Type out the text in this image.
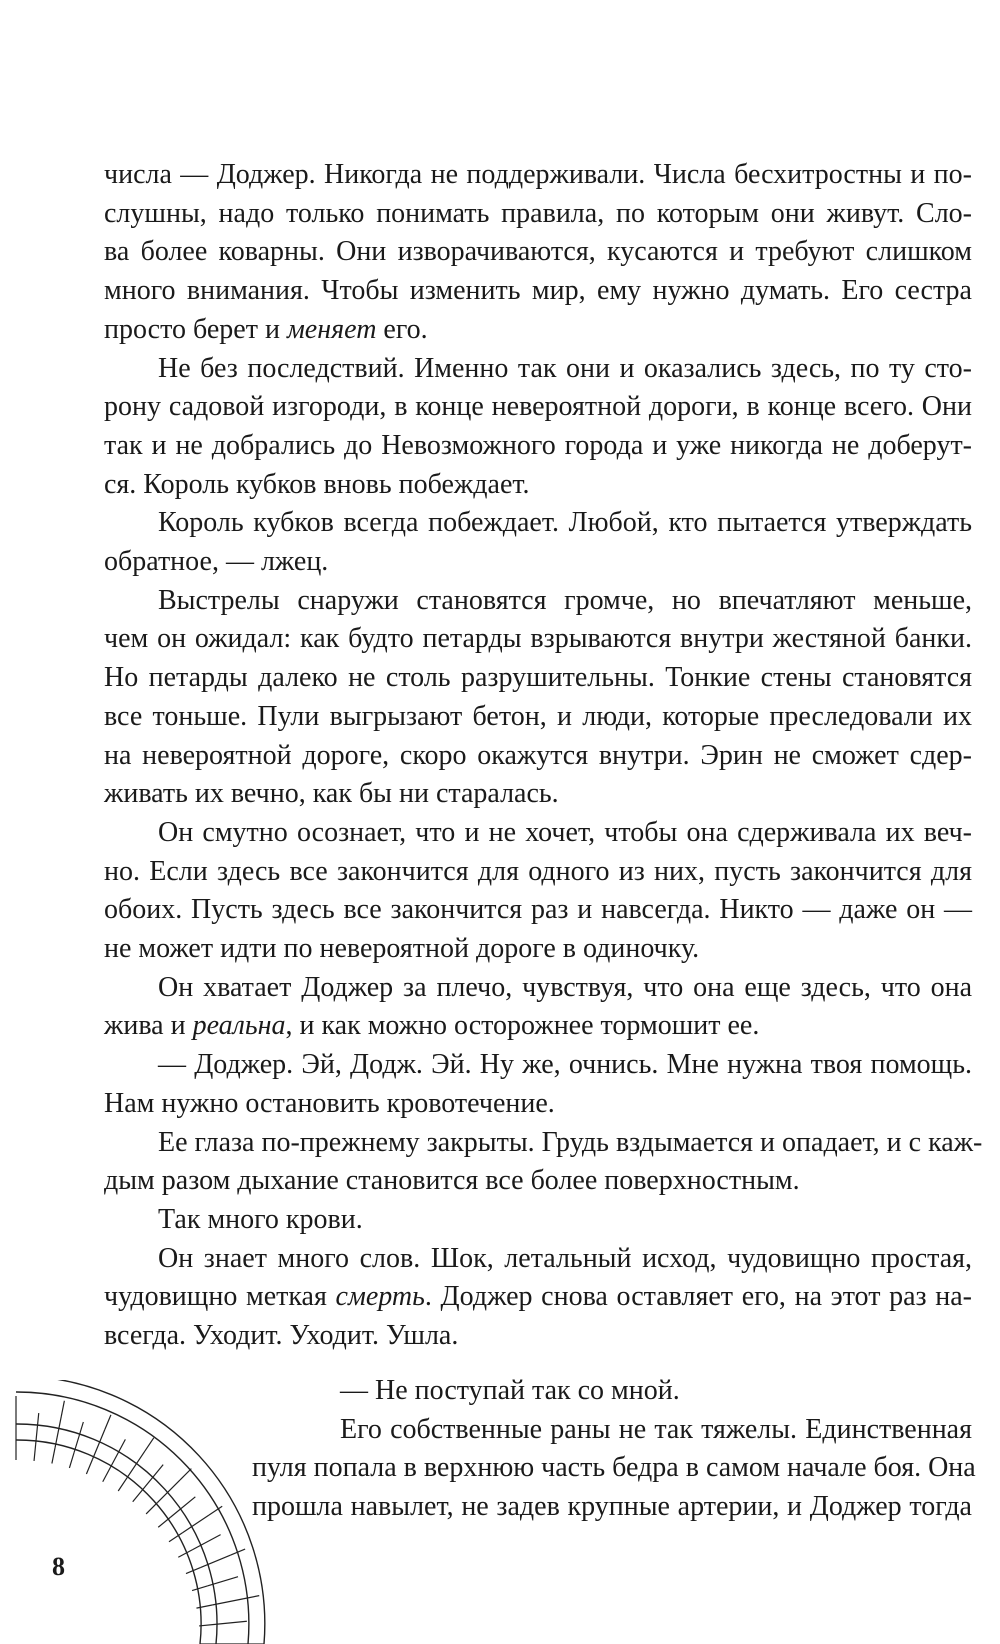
числа — Доджер. Никогда не поддерживали. Числа бесхитростны и по-
слушны, надо только понимать правила, по которым они живут. Сло-
ва более коварны. Они изворачиваются, кусаются и требуют слишком
много внимания. Чтобы изменить мир, ему нужно думать. Его сестра
просто берет и меняет его.
Не без последствий. Именно так они и оказались здесь, по ту сто-
рону садовой изгороди, в конце невероятной дороги, в конце всего. Они
так и не добрались до Невозможного города и уже никогда не доберут-
ся. Король кубков вновь побеждает.
Король кубков всегда побеждает. Любой, кто пытается утверждать
обратное, — лжец.
Выстрелы снаружи становятся громче, но впечатляют меньше,
чем он ожидал: как будто петарды взрываются внутри жестяной банки.
Но петарды далеко не столь разрушительны. Тонкие стены становятся
все тоньше. Пули выгрызают бетон, и люди, которые преследовали их
на невероятной дороге, скоро окажутся внутри. Эрин не сможет сдер-
живать их вечно, как бы ни старалась.
Он смутно осознает, что и не хочет, чтобы она сдерживала их веч-
но. Если здесь все закончится для одного из них, пусть закончится для
обоих. Пусть здесь все закончится раз и навсегда. Никто — даже он —
не может идти по невероятной дороге в одиночку.
Он хватает Доджер за плечо, чувствуя, что она еще здесь, что она
жива и реальна, и как можно осторожнее тормошит ее.
— Доджер. Эй, Додж. Эй. Ну же, очнись. Мне нужна твоя помощь.
Нам нужно остановить кровотечение.
Ее глаза по-прежнему закрыты. Грудь вздымается и опадает, и с каж-
дым разом дыхание становится все более поверхностным.
Так много крови.
Он знает много слов. Шок, летальный исход, чудовищно простая,
чудовищно меткая смерть. Доджер снова оставляет его, на этот раз на-
всегда. Уходит. Уходит. Ушла.
— Не поступай так со мной.
Его собственные раны не так тяжелы. Единственная
пуля попала в верхнюю часть бедра в самом начале боя. Она
прошла навылет, не задев крупные артерии, и Доджер тогда
8
